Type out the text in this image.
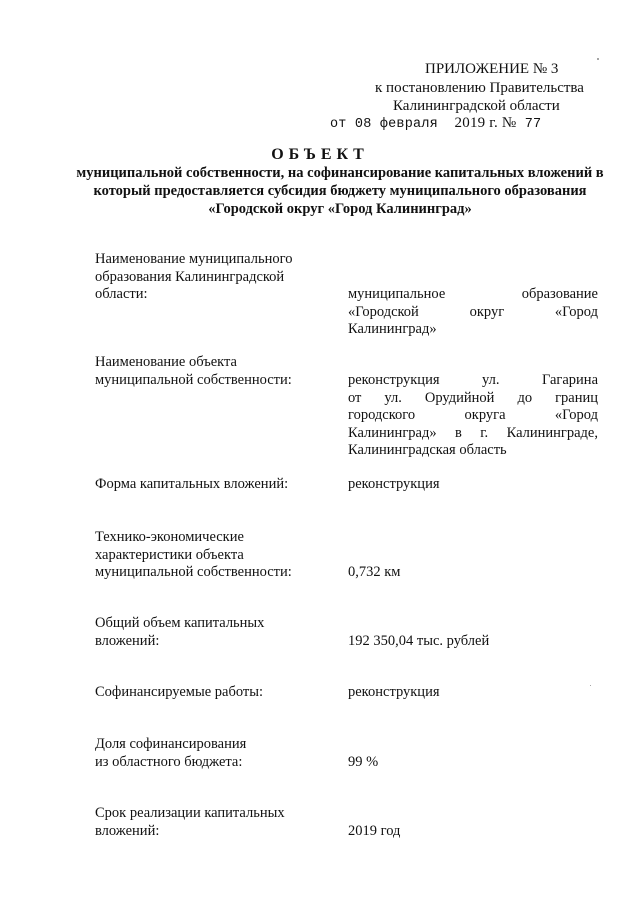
ПРИЛОЖЕНИЕ № 3
к постановлению Правительства
Калининградской области
от 08 февраля 2019 г. № 77
ОБЪЕКТ
муниципальной собственности, на софинансирование капитальных вложений в который предоставляется субсидия бюджету муниципального образования «Городской округ «Город Калининград»
Наименование муниципального
образования Калининградской
области:	муниципальное образование
«Городской округ «Город
Калининград»
Наименование объекта
муниципальной собственности:	реконструкция ул. Гагарина
от ул. Орудийной до границ
городского округа «Город
Калининград» в г. Калининграде,
Калининградская область
Форма капитальных вложений:	реконструкция
Технико-экономические
характеристики объекта
муниципальной собственности:	0,732 км
Общий объем капитальных
вложений:	192 350,04 тыс. рублей
Софинансируемые работы:	реконструкция
Доля софинансирования
из областного бюджета:	99 %
Срок реализации капитальных
вложений:	2019 год
